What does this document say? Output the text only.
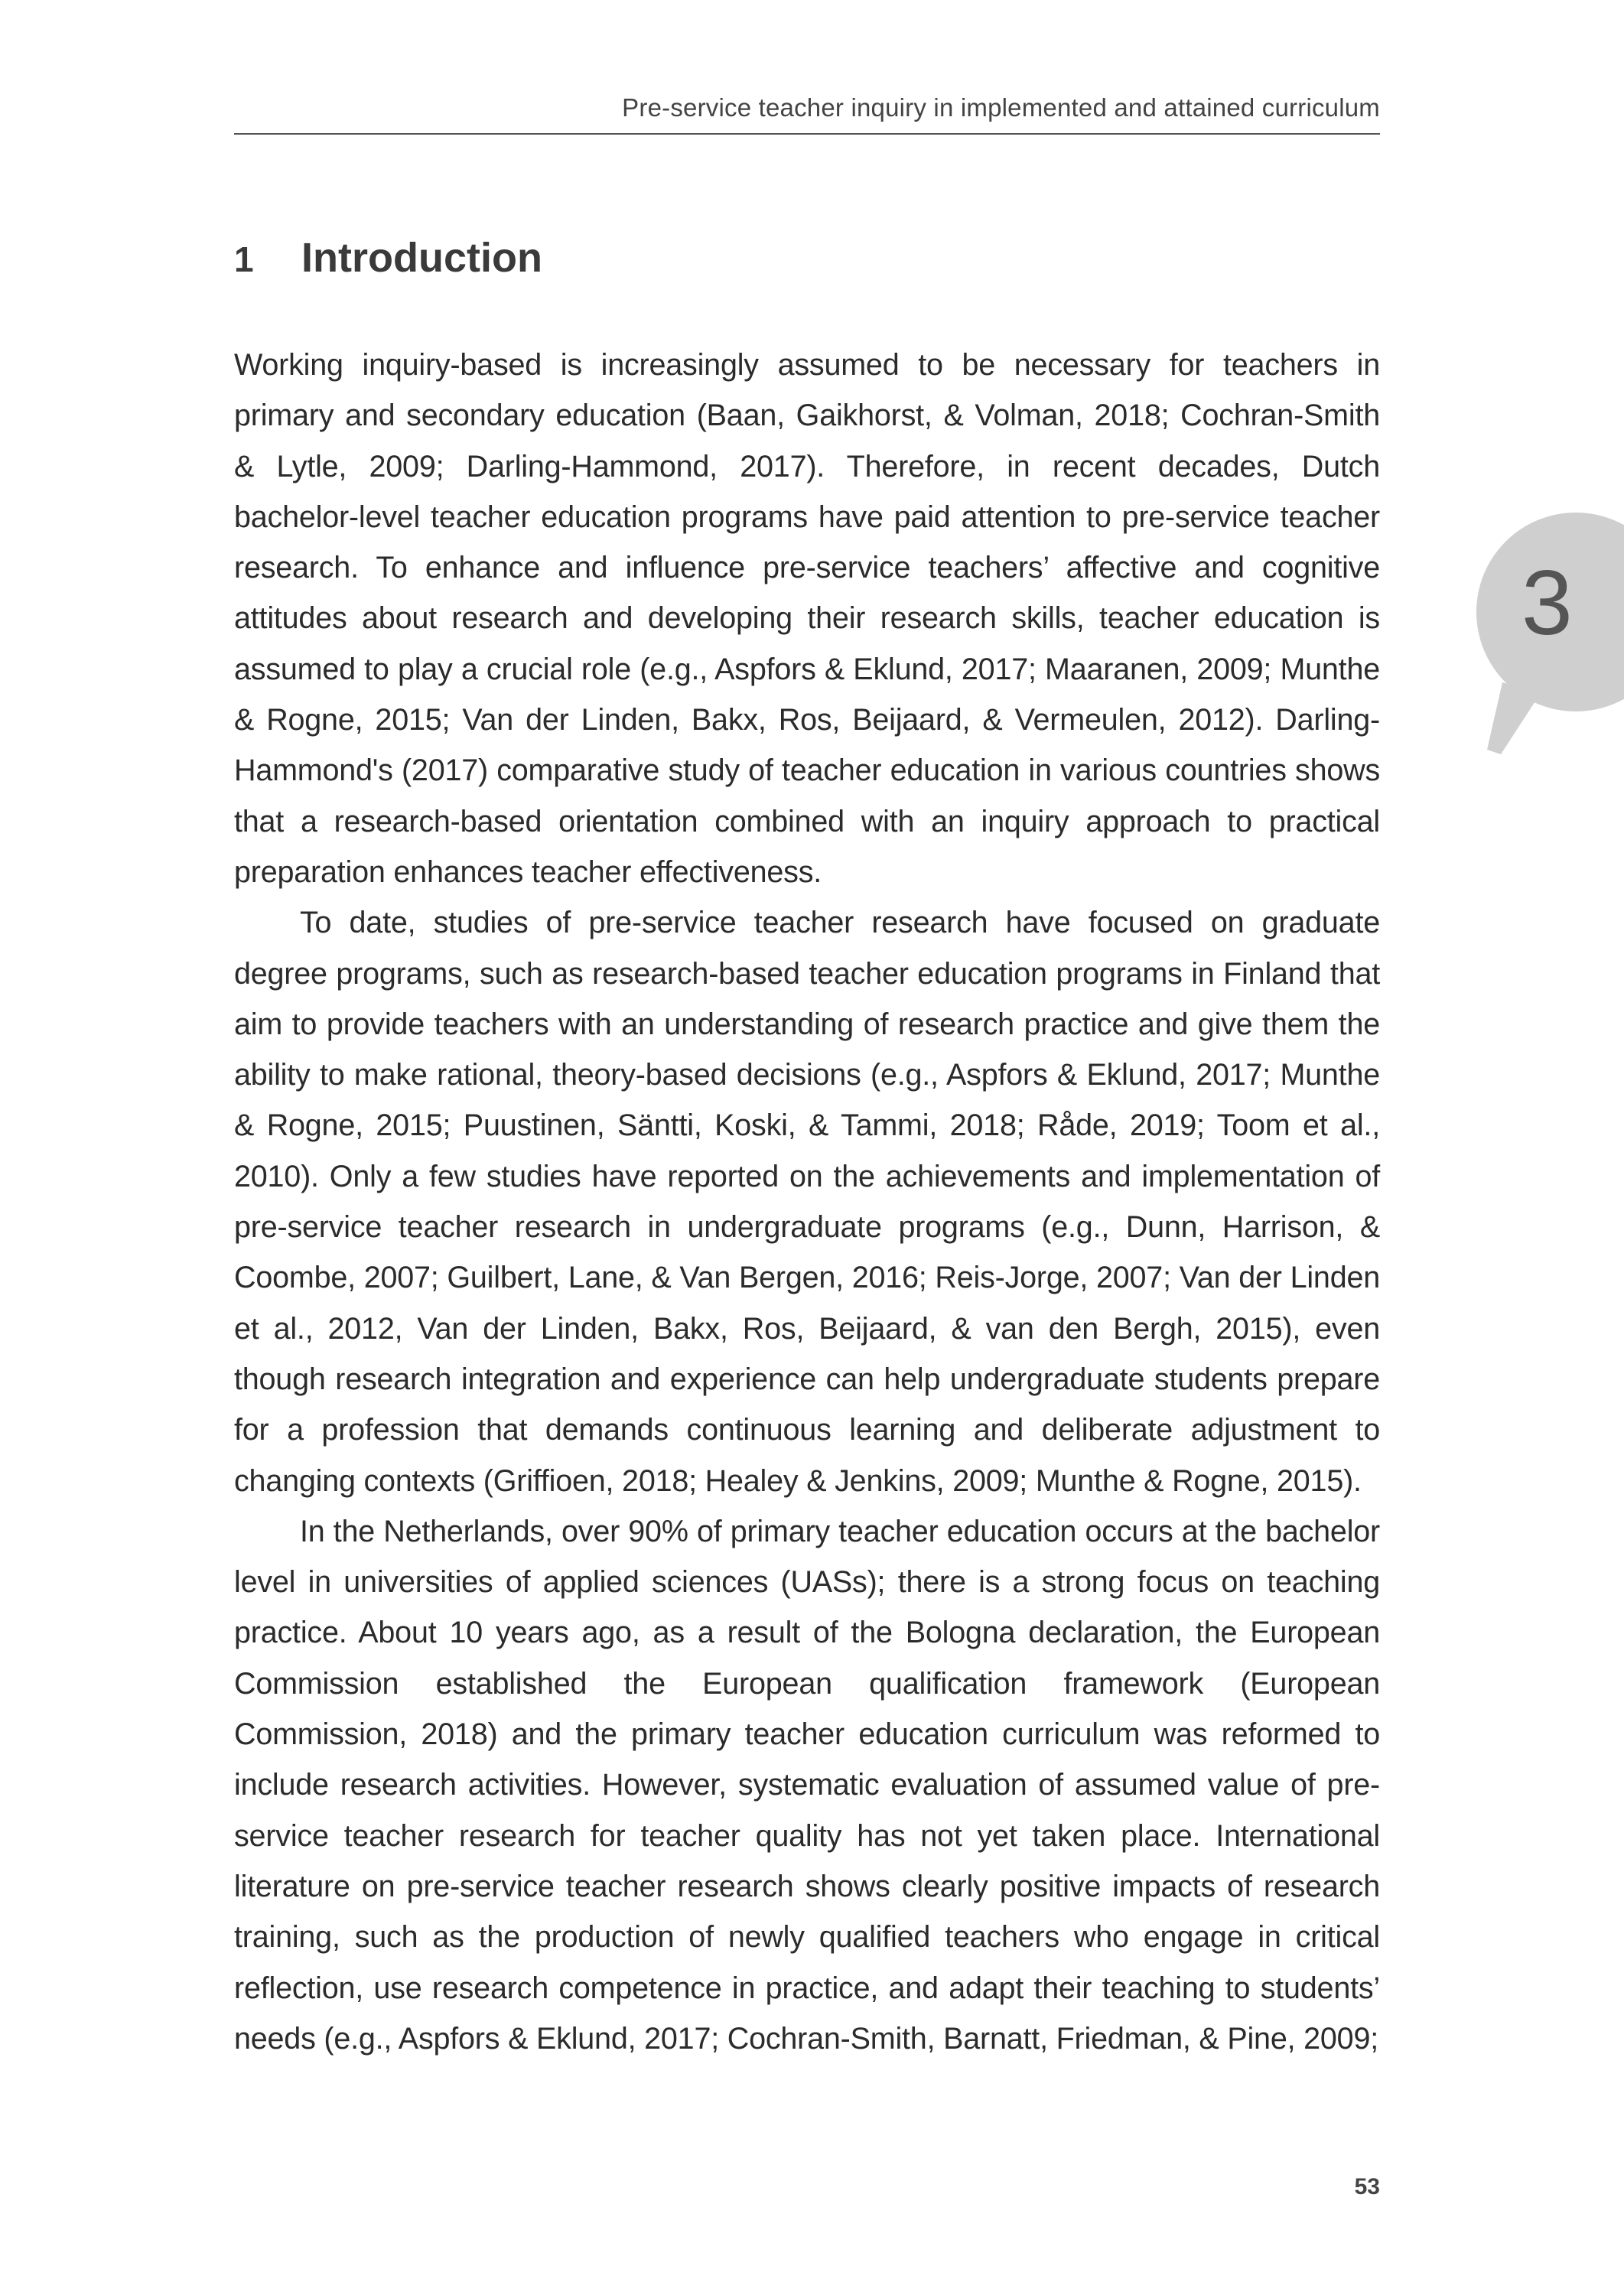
Pre-service teacher inquiry in implemented and attained curriculum
1	Introduction

Working inquiry-based is increasingly assumed to be necessary for teachers in primary and secondary education (Baan, Gaikhorst, & Volman, 2018; Cochran-Smith & Lytle, 2009; Darling-Hammond, 2017). Therefore, in recent decades, Dutch bachelor-level teacher education programs have paid attention to pre-service teacher research. To enhance and influence pre-service teachers’ affective and cognitive attitudes about research and developing their research skills, teacher education is assumed to play a crucial role (e.g., Aspfors & Eklund, 2017; Maaranen, 2009; Munthe & Rogne, 2015; Van der Linden, Bakx, Ros, Beijaard, & Vermeulen, 2012). Darling-Hammond's (2017) comparative study of teacher education in various countries shows that a research-based orientation combined with an inquiry approach to practical preparation enhances teacher effectiveness.

To date, studies of pre-service teacher research have focused on graduate degree programs, such as research-based teacher education programs in Finland that aim to provide teachers with an understanding of research practice and give them the ability to make rational, theory-based decisions (e.g., Aspfors & Eklund, 2017; Munthe & Rogne, 2015; Puustinen, Säntti, Koski, & Tammi, 2018; Råde, 2019; Toom et al., 2010). Only a few studies have reported on the achievements and implementation of pre-service teacher research in undergraduate programs (e.g., Dunn, Harrison, & Coombe, 2007; Guilbert, Lane, & Van Bergen, 2016; Reis-Jorge, 2007; Van der Linden et al., 2012, Van der Linden, Bakx, Ros, Beijaard, & van den Bergh, 2015), even though research integration and experience can help undergraduate students prepare for a profession that demands continuous learning and deliberate adjustment to changing contexts (Griffioen, 2018; Healey & Jenkins, 2009; Munthe & Rogne, 2015).

In the Netherlands, over 90% of primary teacher education occurs at the bachelor level in universities of applied sciences (UASs); there is a strong focus on teaching practice. About 10 years ago, as a result of the Bologna declaration, the European Commission established the European qualification framework (European Commission, 2018) and the primary teacher education curriculum was reformed to include research activities. However, systematic evaluation of assumed value of pre-service teacher research for teacher quality has not yet taken place. International literature on pre-service teacher research shows clearly positive impacts of research training, such as the production of newly qualified teachers who engage in critical reflection, use research competence in practice, and adapt their teaching to students’ needs (e.g., Aspfors & Eklund, 2017; Cochran-Smith, Barnatt, Friedman, & Pine, 2009;

3
53
